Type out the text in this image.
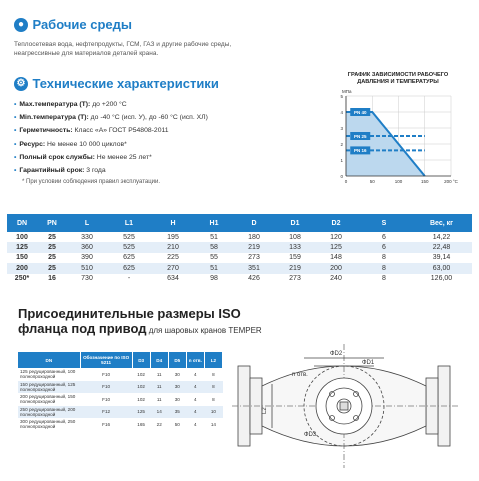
● Рабочие среды
Теплосетевая вода, нефтепродукты, ГСМ, ГАЗ и другие рабочие среды,
неагрессивные для материалов деталей крана.
⚙ Технические характеристики
• Max.температура (T): до +200 °С
• Min.температура (T): до -40 °С (исп. У), до -60 °С (исп. ХЛ)
• Герметичность: Класс «А» ГОСТ Р54808-2011
• Ресурс: Не менее 10 000 циклов*
• Полный срок службы: Не менее 25 лет*
• Гарантийный срок: 3 года
* При условии соблюдения правил эксплуатации.
ГРАФИК ЗАВИСИМОСТИ РАБОЧЕГО
ДАВЛЕНИЯ И ТЕМПЕРАТУРЫ
0
1
2
3
4
5
0	50	100	150	200 °С
МПа
PN 40
PN 25
PN 16
DN	PN	L	L1	H	H1	D	D1	D2	S	Вес, кг
100	25	330	525	195	51	180	108	120	6	14,22
125	25	360	525	210	58	219	133	125	6	22,48
150	25	390	625	225	55	273	159	148	8	39,14
200	25	510	625	270	51	351	219	200	8	63,00
250*	16	730	-	634	98	426	273	240	8	126,00
Присоединительные размеры ISO
фланца под привод для шаровых кранов TEMPER
DN	Обозначение по ISO 5211	D3	D4	D5	n отв.	L2
125 редуцированный, 100 полнопроходной	F10	102	11	30	4	8
150 редуцированный, 125 полнопроходной	F10	102	11	30	4	8
200 редуцированный, 150 полнопроходной	F10	102	11	30	4	8
250 редуцированный, 200 полнопроходной	F12	125	14	35	4	10
300 редуцированный, 250 полнопроходной	F16	165	22	50	4	14
ФD2
ФD1
n отв.
ФD3
L2
